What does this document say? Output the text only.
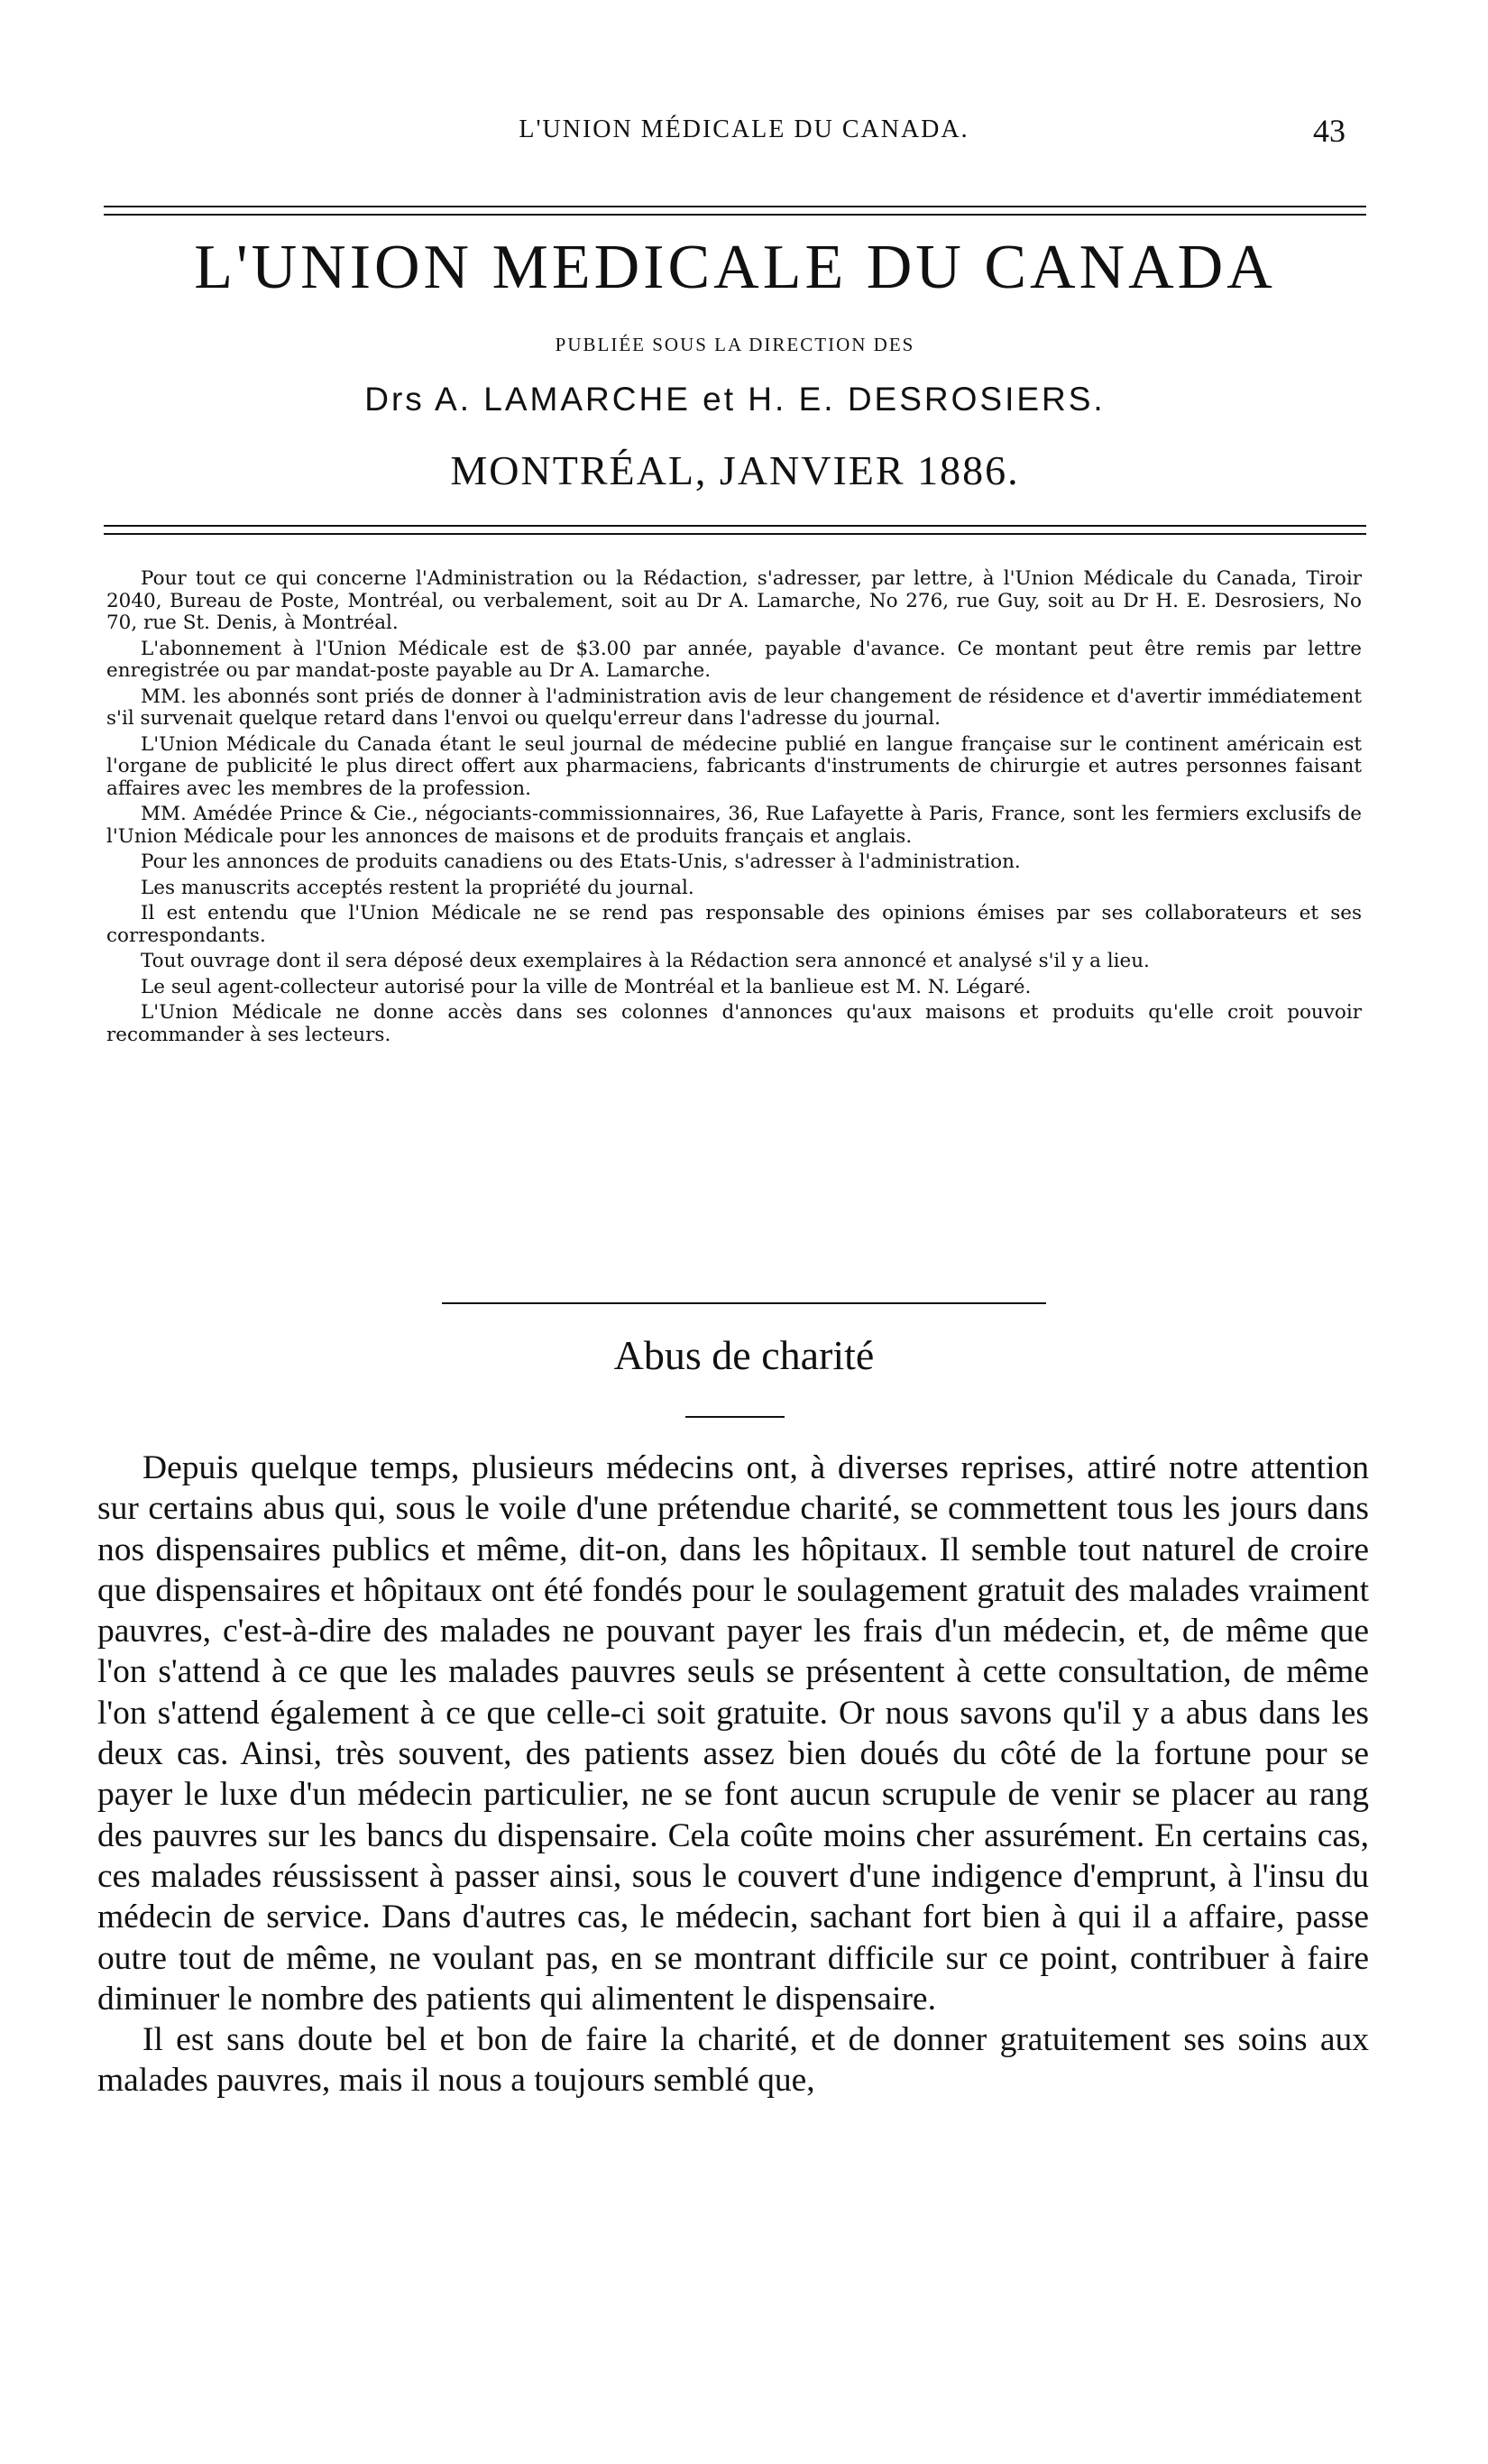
L'UNION MÉDICALE DU CANADA.	43
L'UNION MEDICALE DU CANADA
PUBLIÉE SOUS LA DIRECTION DES
Drs A. LAMARCHE et H. E. DESROSIERS.
MONTRÉAL, JANVIER 1886.

Pour tout ce qui concerne l'Administration ou la Rédaction, s'adresser, par lettre, à l'Union Médicale du Canada, Tiroir 2040, Bureau de Poste, Montréal, ou verbalement, soit au Dr A. Lamarche, No 276, rue Guy, soit au Dr H. E. Desrosiers, No 70, rue St. Denis, à Montréal.

L'abonnement à l'Union Médicale est de $3.00 par année, payable d'avance. Ce montant peut être remis par lettre enregistrée ou par mandat-poste payable au Dr A. Lamarche.

MM. les abonnés sont priés de donner à l'administration avis de leur changement de résidence et d'avertir immédiatement s'il survenait quelque retard dans l'envoi ou quelqu'erreur dans l'adresse du journal.

L'Union Médicale du Canada étant le seul journal de médecine publié en langue française sur le continent américain est l'organe de publicité le plus direct offert aux pharmaciens, fabricants d'instruments de chirurgie et autres personnes faisant affaires avec les membres de la profession.

MM. Amédée Prince & Cie., négociants-commissionnaires, 36, Rue Lafayette à Paris, France, sont les fermiers exclusifs de l'Union Médicale pour les annonces de maisons et de produits français et anglais.

Pour les annonces de produits canadiens ou des Etats-Unis, s'adresser à l'administration.

Les manuscrits acceptés restent la propriété du journal.

Il est entendu que l'Union Médicale ne se rend pas responsable des opinions émises par ses collaborateurs et ses correspondants.

Tout ouvrage dont il sera déposé deux exemplaires à la Rédaction sera annoncé et analysé s'il y a lieu.

Le seul agent-collecteur autorisé pour la ville de Montréal et la banlieue est M. N. Légaré.

L'Union Médicale ne donne accès dans ses colonnes d'annonces qu'aux maisons et produits qu'elle croit pouvoir recommander à ses lecteurs.

Abus de charité

Depuis quelque temps, plusieurs médecins ont, à diverses reprises, attiré notre attention sur certains abus qui, sous le voile d'une prétendue charité, se commettent tous les jours dans nos dispensaires publics et même, dit-on, dans les hôpitaux. Il semble tout naturel de croire que dispensaires et hôpitaux ont été fondés pour le soulagement gratuit des malades vraiment pauvres, c'est-à-dire des malades ne pouvant payer les frais d'un médecin, et, de même que l'on s'attend à ce que les malades pauvres seuls se présentent à cette consultation, de même l'on s'attend également à ce que celle-ci soit gratuite. Or nous savons qu'il y a abus dans les deux cas. Ainsi, très souvent, des patients assez bien doués du côté de la fortune pour se payer le luxe d'un médecin particulier, ne se font aucun scrupule de venir se placer au rang des pauvres sur les bancs du dispensaire. Cela coûte moins cher assurément. En certains cas, ces malades réussissent à passer ainsi, sous le couvert d'une indigence d'emprunt, à l'insu du médecin de service. Dans d'autres cas, le médecin, sachant fort bien à qui il a affaire, passe outre tout de même, ne voulant pas, en se montrant difficile sur ce point, contribuer à faire diminuer le nombre des patients qui alimentent le dispensaire.

Il est sans doute bel et bon de faire la charité, et de donner gratuitement ses soins aux malades pauvres, mais il nous a toujours semblé que,
